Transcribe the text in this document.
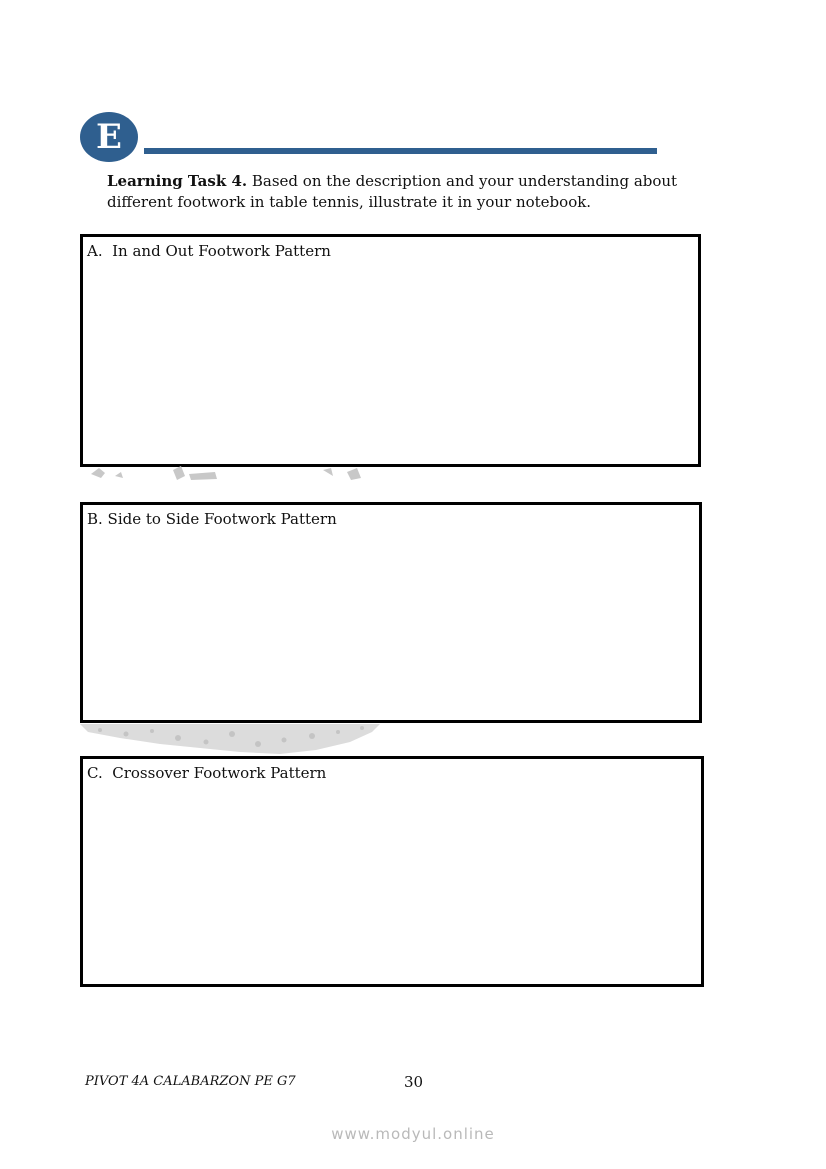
E
Learning Task 4. Based on the description and your understanding about different footwork in table tennis, illustrate it in your notebook.
A.  In and Out Footwork Pattern
B. Side to Side Footwork Pattern
C.  Crossover Footwork Pattern
PIVOT 4A CALABARZON PE G7	30
www.modyul.online
